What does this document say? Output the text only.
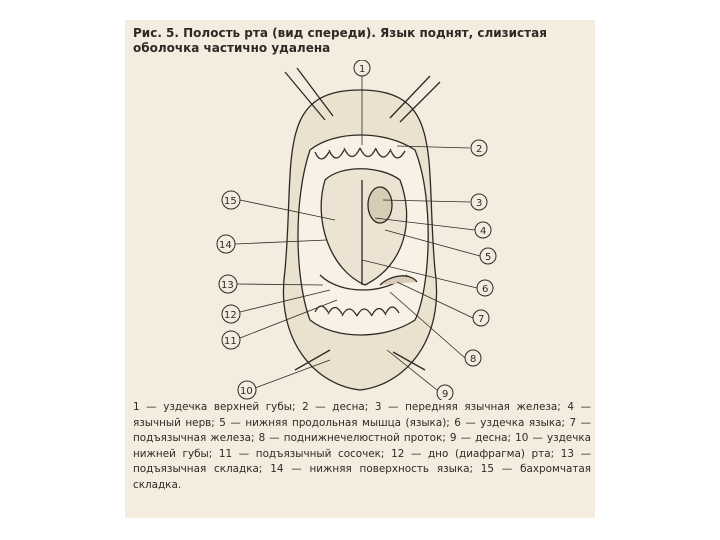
Рис. 5. Полость рта (вид спереди). Язык поднят, слизистая оболочка частично удалена
1
2
3
4
5
6
7
8
9
10
11
12
13
14
15
1 — уздечка верхней губы; 2 — десна; 3 — передняя язычная железа; 4 — язычный нерв; 5 — нижняя продольная мышца (языка); 6 — уздечка языка; 7 — подъязычная железа; 8 — поднижнечелюстной проток; 9 — десна; 10 — уздечка нижней губы; 11 — подъязычный сосочек; 12 — дно (диафрагма) рта; 13 — подъязычная складка; 14 — нижняя поверхность языка; 15 — бахромчатая складка.
